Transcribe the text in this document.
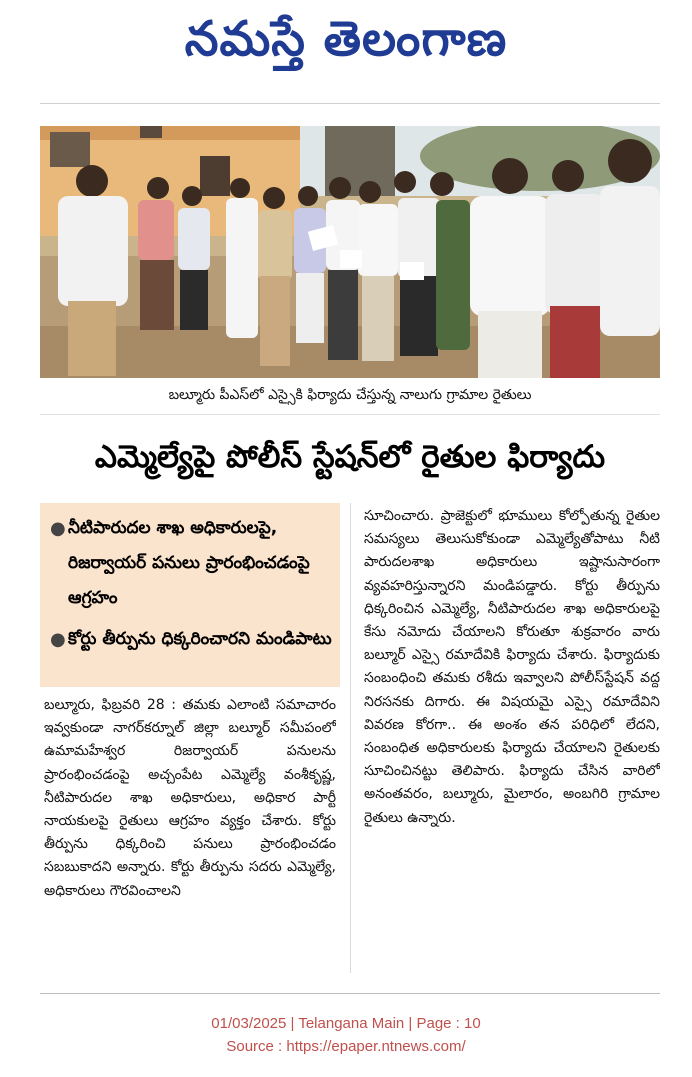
నమస్తే తెలంగాణ
బల్మూరు పీఎస్‌లో ఎస్సైకి ఫిర్యాదు చేస్తున్న నాలుగు గ్రామాల రైతులు
ఎమ్మెల్యేపై పోలీస్ స్టేషన్‌లో రైతుల ఫిర్యాదు
● నీటిపారుదల శాఖ అధికారులపై, రిజర్వాయర్ పనులు ప్రారంభించడంపై ఆగ్రహం
● కోర్టు తీర్పును ధిక్కరించారని మండిపాటు
బల్మూరు, ఫిబ్రవరి 28 : తమకు ఎలాంటి సమాచారం ఇవ్వకుండా నాగర్‌కర్నూల్ జిల్లా బల్మూర్ సమీపంలో ఉమామహేశ్వర రిజర్వాయర్ పనులను ప్రారంభించడంపై అచ్చంపేట ఎమ్మెల్యే వంశీకృష్ణ, నీటిపారుదల శాఖ అధికారులు, అధికార పార్టీ నాయకులపై రైతులు ఆగ్రహం వ్యక్తం చేశారు. కోర్టు తీర్పును ధిక్కరించి పనులు ప్రారంభించడం సబబుకాదని అన్నారు. కోర్టు తీర్పును సదరు ఎమ్మెల్యే, అధికారులు గౌరవించాలని
సూచించారు. ప్రాజెక్టులో భూములు కోల్పోతున్న రైతుల సమస్యలు తెలుసుకోకుండా ఎమ్మెల్యేతోపాటు నీటి పారుదలశాఖ అధికారులు ఇష్టానుసారంగా వ్యవహరిస్తున్నారని మండిపడ్డారు. కోర్టు తీర్పును ధిక్కరించిన ఎమ్మెల్యే, నీటిపారుదల శాఖ అధికారులపై కేసు నమోదు చేయాలని కోరుతూ శుక్రవారం వారు బల్మూర్ ఎస్సై రమాదేవికి ఫిర్యాదు చేశారు. ఫిర్యాదుకు సంబంధించి తమకు రశీదు ఇవ్వాలని పోలీస్‌స్టేషన్ వద్ద నిరసనకు దిగారు. ఈ విషయమై ఎస్సై రమాదేవిని వివరణ కోరగా.. ఈ అంశం తన పరిధిలో లేదని, సంబంధిత అధికారులకు ఫిర్యాదు చేయాలని రైతులకు సూచించినట్టు తెలిపారు. ఫిర్యాదు చేసిన వారిలో అనంతవరం, బల్మూరు, మైలారం, అంబగిరి గ్రామాల రైతులు ఉన్నారు.
01/03/2025 | Telangana Main | Page : 10
Source : https://epaper.ntnews.com/
